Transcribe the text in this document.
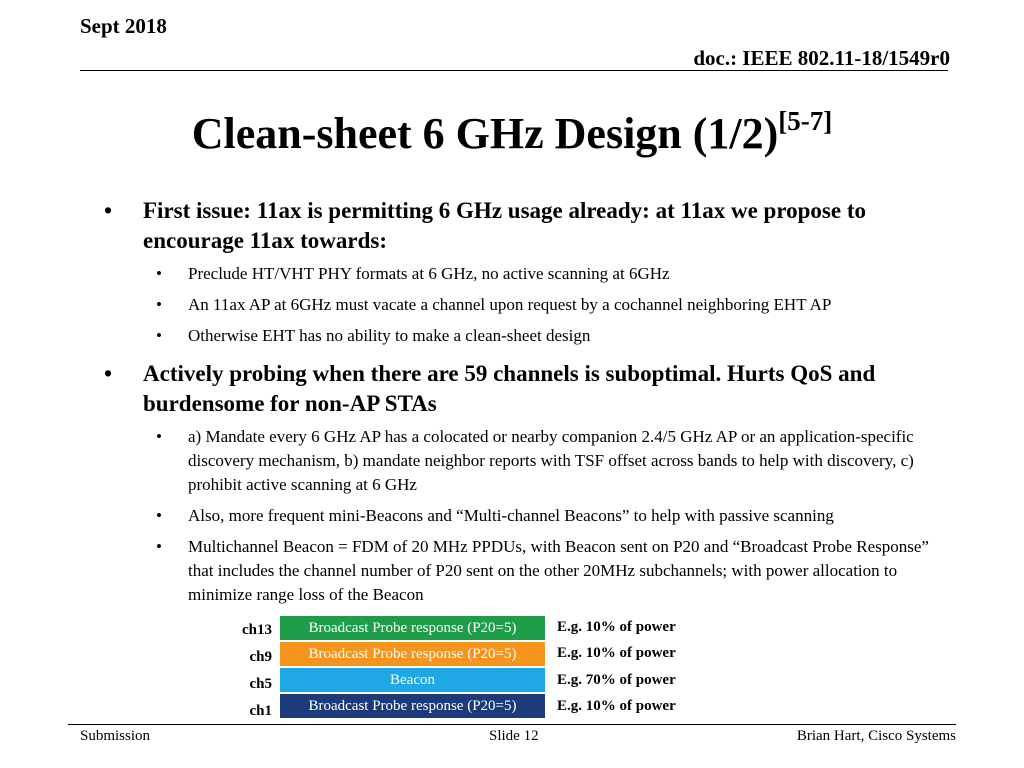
Sept 2018
doc.: IEEE 802.11-18/1549r0
Clean-sheet 6 GHz Design (1/2)[5-7]
• First issue: 11ax is permitting 6 GHz usage already: at 11ax we propose to encourage 11ax towards:
• Preclude HT/VHT PHY formats at 6 GHz, no active scanning at 6GHz
• An 11ax AP at 6GHz must vacate a channel upon request by a cochannel neighboring EHT AP
• Otherwise EHT has no ability to make a clean-sheet design
• Actively probing when there are 59 channels is suboptimal. Hurts QoS and burdensome for non-AP STAs
• a) Mandate every 6 GHz AP has a colocated or nearby companion 2.4/5 GHz AP or an application-specific discovery mechanism, b) mandate neighbor reports with TSF offset across bands to help with discovery, c) prohibit active scanning at 6 GHz
• Also, more frequent mini-Beacons and “Multi-channel Beacons” to help with passive scanning
• Multichannel Beacon = FDM of 20 MHz PPDUs, with Beacon sent on P20 and “Broadcast Probe Response” that includes the channel number of P20 sent on the other 20MHz subchannels; with power allocation to minimize range loss of the Beacon
ch13
ch9
ch5
ch1
Broadcast Probe response (P20=5)
Broadcast Probe response (P20=5)
Beacon
Broadcast Probe response (P20=5)
E.g. 10% of power
E.g. 10% of power
E.g. 70% of power
E.g. 10% of power
Submission	Slide 12	Brian Hart, Cisco Systems
